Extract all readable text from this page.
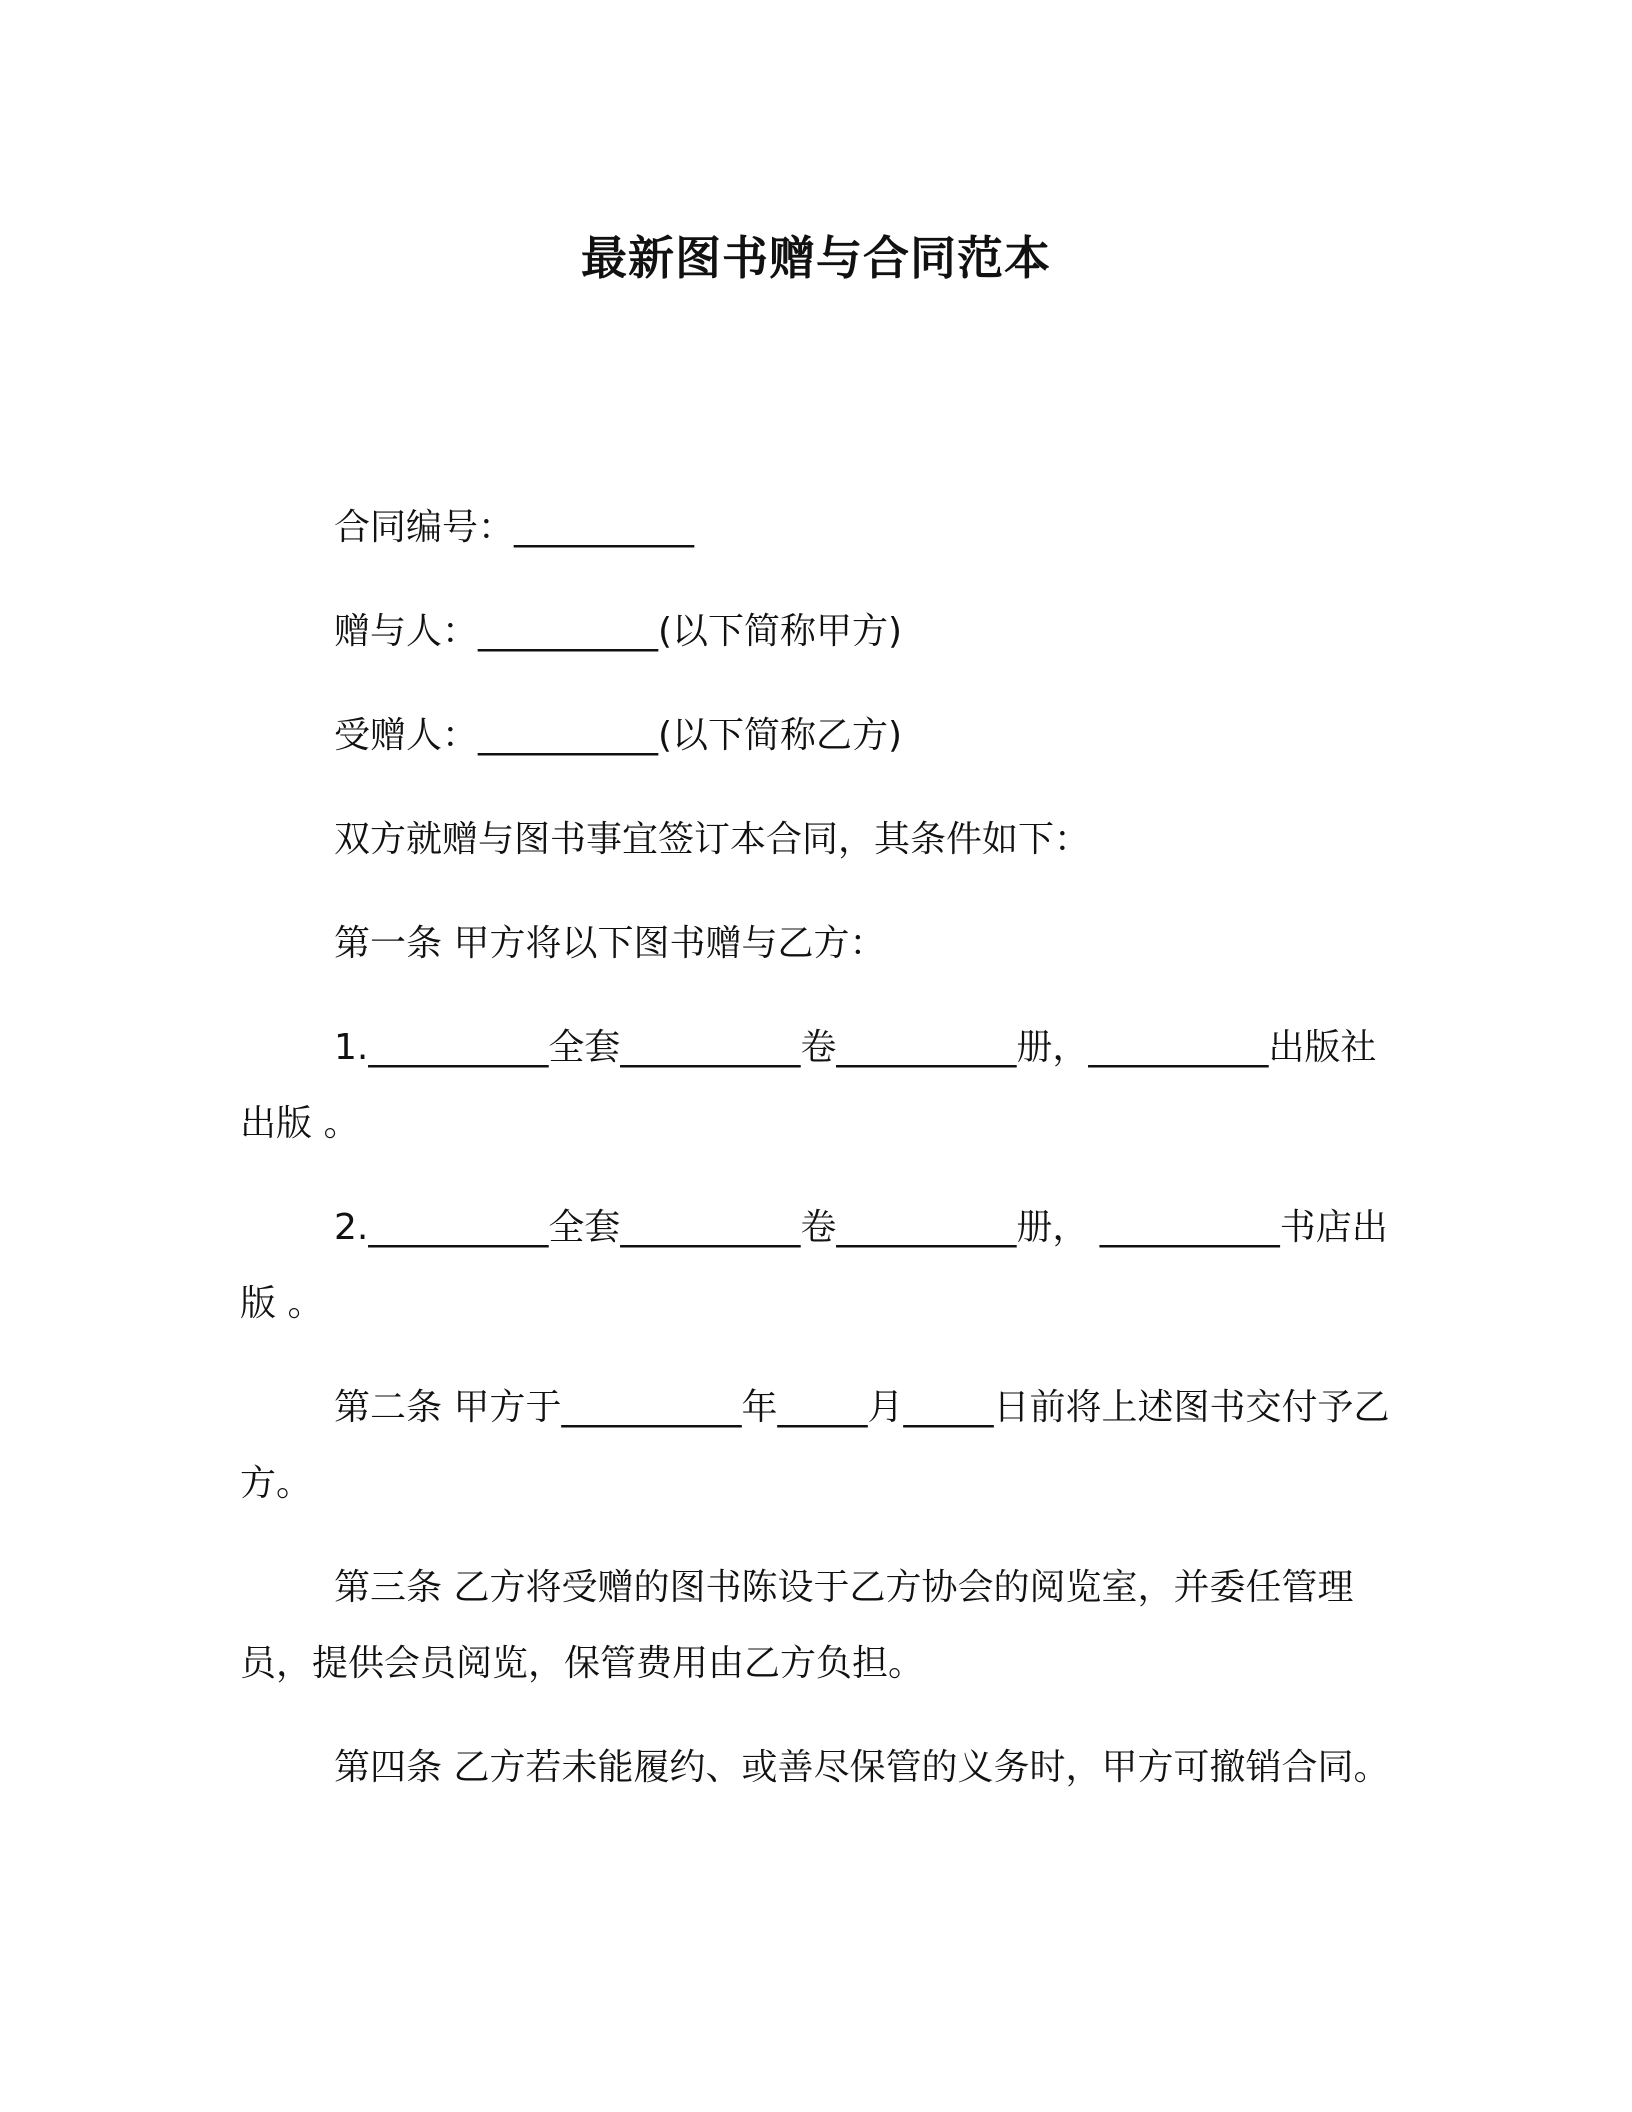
最新图书赠与合同范本

合同编号：__________

赠与人：__________(以下简称甲方)

受赠人：__________(以下简称乙方)

双方就赠与图书事宜签订本合同，其条件如下：

第一条 甲方将以下图书赠与乙方：

1.__________全套__________卷__________册，__________出版社出版 。

2.__________全套__________卷__________册， __________书店出版 。

第二条 甲方于__________年_____月_____日前将上述图书交付予乙方。

第三条 乙方将受赠的图书陈设于乙方协会的阅览室，并委任管理员，提供会员阅览，保管费用由乙方负担。

第四条 乙方若未能履约、或善尽保管的义务时，甲方可撤销合同。
